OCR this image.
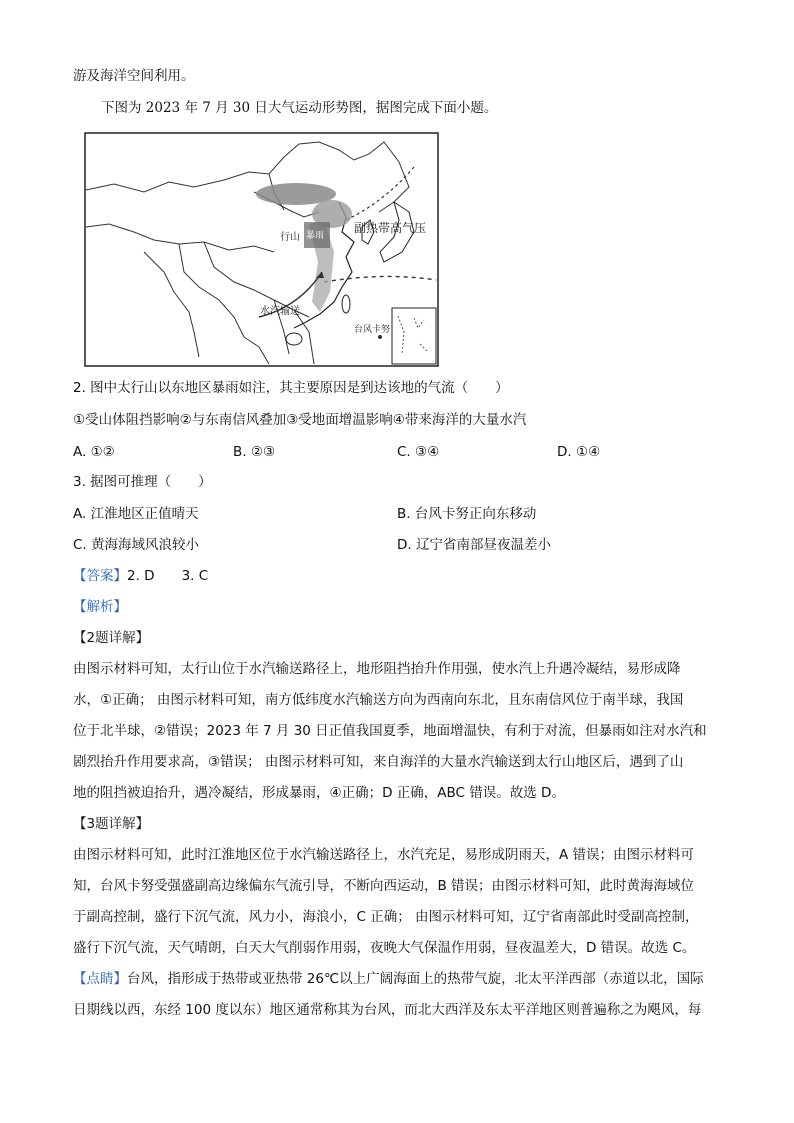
游及海洋空间利用。
下图为 2023 年 7 月 30 日大气运动形势图，据图完成下面小题。
副热带高气压
行山 暴雨
水汽输送
台风卡努
2. 图中太行山以东地区暴雨如注，其主要原因是到达该地的气流（　　）
①受山体阻挡影响②与东南信风叠加③受地面增温影响④带来海洋的大量水汽
A. ①②	B. ②③	C. ③④	D. ①④
3. 据图可推理（　　）
A. 江淮地区正值晴天	B. 台风卡努正向东移动
C. 黄海海域风浪较小	D. 辽宁省南部昼夜温差小
【答案】2. D　　3. C
【解析】
【2题详解】
由图示材料可知，太行山位于水汽输送路径上，地形阻挡抬升作用强，使水汽上升遇冷凝结，易形成降
水，①正确； 由图示材料可知，南方低纬度水汽输送方向为西南向东北，且东南信风位于南半球，我国
位于北半球，②错误；2023 年 7 月 30 日正值我国夏季，地面增温快，有利于对流，但暴雨如注对水汽和
剧烈抬升作用要求高，③错误； 由图示材料可知，来自海洋的大量水汽输送到太行山地区后，遇到了山
地的阻挡被迫抬升，遇冷凝结，形成暴雨，④正确；D 正确，ABC 错误。故选 D。
【3题详解】
由图示材料可知，此时江淮地区位于水汽输送路径上，水汽充足，易形成阴雨天，A 错误；由图示材料可
知，台风卡努受强盛副高边缘偏东气流引导，不断向西运动，B 错误；由图示材料可知，此时黄海海域位
于副高控制，盛行下沉气流，风力小，海浪小，C 正确； 由图示材料可知，辽宁省南部此时受副高控制，
盛行下沉气流，天气晴朗，白天大气削弱作用弱，夜晚大气保温作用弱，昼夜温差大，D 错误。故选 C。
【点睛】台风，指形成于热带或亚热带 26℃以上广阔海面上的热带气旋，北太平洋西部（赤道以北，国际
日期线以西，东经 100 度以东）地区通常称其为台风，而北大西洋及东太平洋地区则普遍称之为飓风，每
